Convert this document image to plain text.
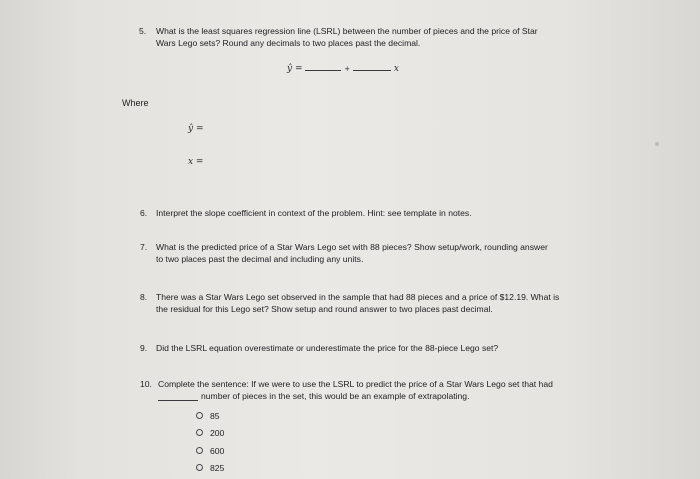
5. What is the least squares regression line (LSRL) between the number of pieces and the price of Star
Wars Lego sets? Round any decimals to two places past the decimal.
ŷ =	+	x
Where
ŷ =
x =
6. Interpret the slope coefficient in context of the problem. Hint: see template in notes.
7. What is the predicted price of a Star Wars Lego set with 88 pieces? Show setup/work, rounding answer
to two places past the decimal and including any units.
8. There was a Star Wars Lego set observed in the sample that had 88 pieces and a price of $12.19. What is
the residual for this Lego set? Show setup and round answer to two places past decimal.
9. Did the LSRL equation overestimate or underestimate the price for the 88-piece Lego set?
10. Complete the sentence: If we were to use the LSRL to predict the price of a Star Wars Lego set that had
number of pieces in the set, this would be an example of extrapolating.
85
200
600
825
